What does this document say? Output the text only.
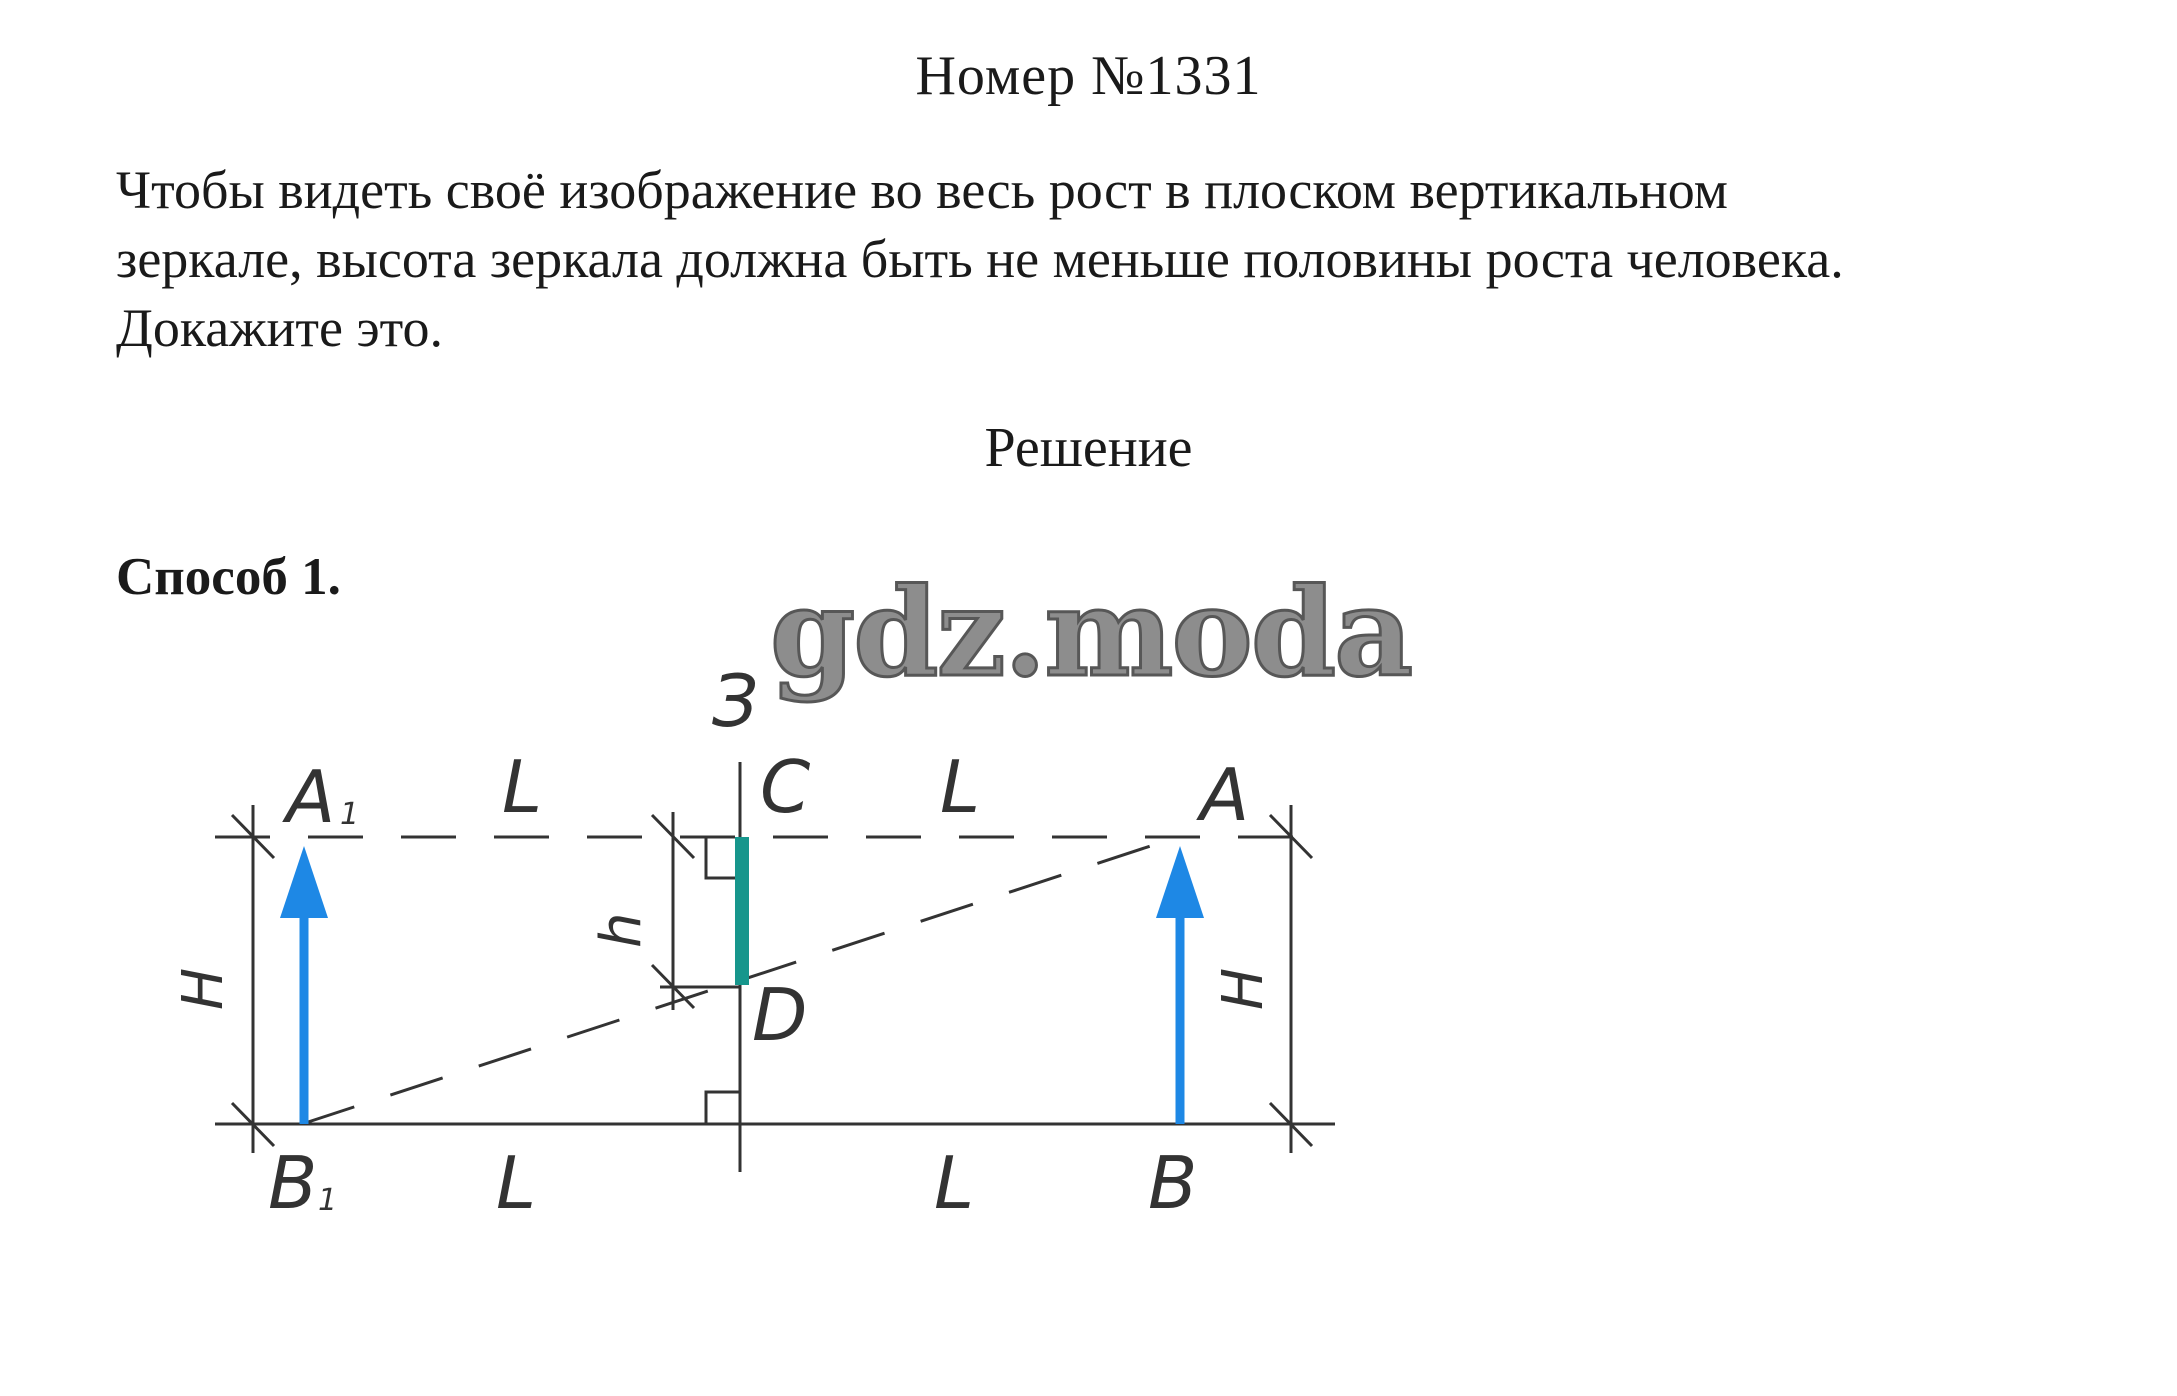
Номер №1331
Чтобы видеть своё изображение во весь рост в плоском вертикальном
зеркале, высота зеркала должна быть не меньше половины роста человека.
Докажите это.
Решение
Способ 1.	gdz.moda
З
A 1 L	C L	A
D
B 1 L	L B
h
H	H
